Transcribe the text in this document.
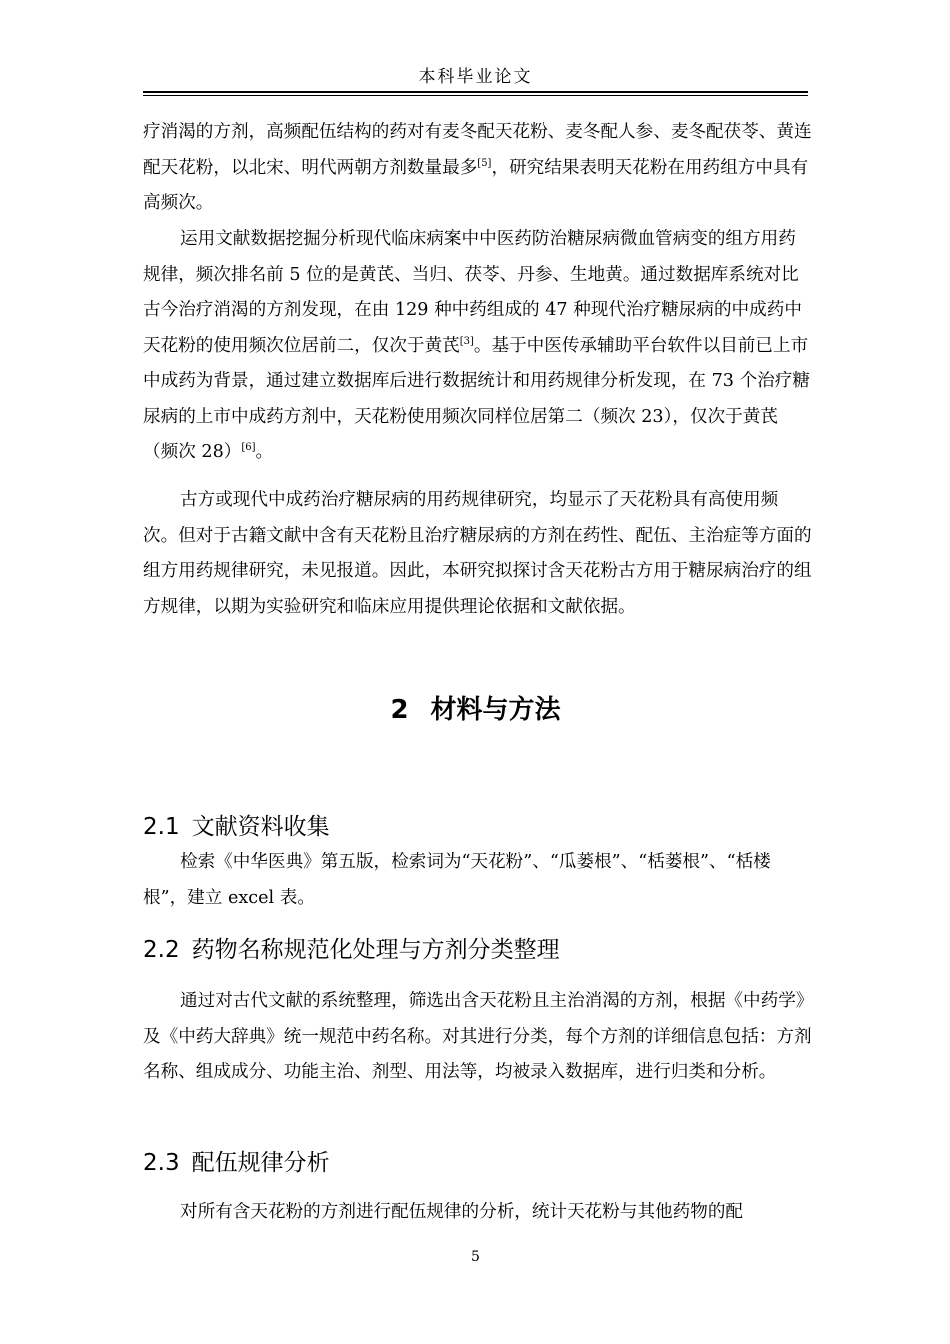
本科毕业论文

疗消渴的方剂，高频配伍结构的药对有麦冬配天花粉、麦冬配人参、麦冬配茯苓、黄连配天花粉，以北宋、明代两朝方剂数量最多[5]，研究结果表明天花粉在用药组方中具有高频次。

运用文献数据挖掘分析现代临床病案中中医药防治糖尿病微血管病变的组方用药规律，频次排名前 5 位的是黄芪、当归、茯苓、丹参、生地黄。通过数据库系统对比古今治疗消渴的方剂发现，在由 129 种中药组成的 47 种现代治疗糖尿病的中成药中天花粉的使用频次位居前二，仅次于黄芪[3]。基于中医传承辅助平台软件以目前已上市中成药为背景，通过建立数据库后进行数据统计和用药规律分析发现，在 73 个治疗糖尿病的上市中成药方剂中，天花粉使用频次同样位居第二（频次 23），仅次于黄芪（频次 28）[6]。

古方或现代中成药治疗糖尿病的用药规律研究，均显示了天花粉具有高使用频次。但对于古籍文献中含有天花粉且治疗糖尿病的方剂在药性、配伍、主治症等方面的组方用药规律研究，未见报道。因此，本研究拟探讨含天花粉古方用于糖尿病治疗的组方规律，以期为实验研究和临床应用提供理论依据和文献依据。

2 材料与方法
2.1 文献资料收集

检索《中华医典》第五版，检索词为“天花粉”、“瓜蒌根”、“栝蒌根”、“栝楼根”，建立 excel 表。

2.2 药物名称规范化处理与方剂分类整理

通过对古代文献的系统整理，筛选出含天花粉且主治消渴的方剂，根据《中药学》及《中药大辞典》统一规范中药名称。对其进行分类，每个方剂的详细信息包括：方剂名称、组成成分、功能主治、剂型、用法等，均被录入数据库，进行归类和分析。

2.3 配伍规律分析

对所有含天花粉的方剂进行配伍规律的分析，统计天花粉与其他药物的配

5
